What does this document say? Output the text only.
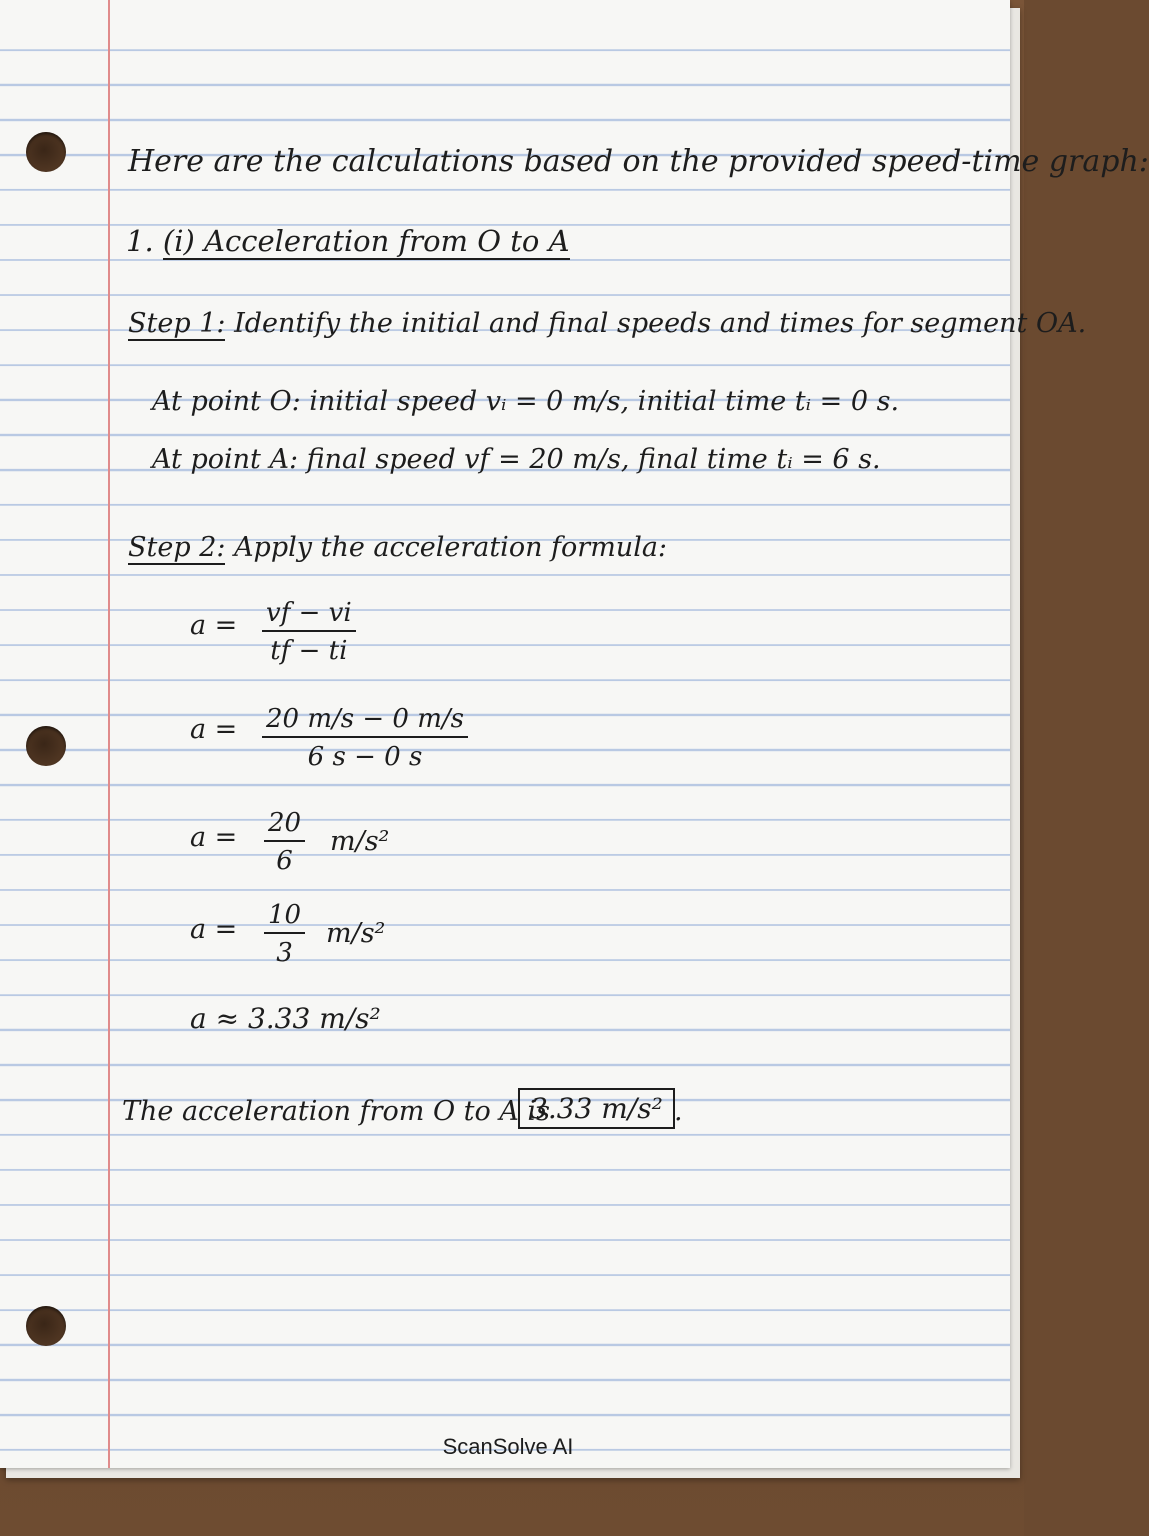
Here are the calculations based on the provided speed-time graph:
1. (i) Acceleration from O to A
Step 1: Identify the initial and final speeds and times for segment OA.
At point O: initial speed vᵢ = 0 m/s, initial time tᵢ = 0 s.
At point A: final speed vf = 20 m/s, final time tᵢ = 6 s.
Step 2: Apply the acceleration formula:
$a = \frac{vf - vi}{tf - ti}$
$a = \frac{20 m/s - 0 m/s}{6 s - 0 s}$
$a = \frac{20}{6} m/s^2$
$a = \frac{10}{3} m/s^2$
a ≈ 3.33 m/s²
The acceleration from O to A is
3.33 m/s² .
ScanSolve AI
